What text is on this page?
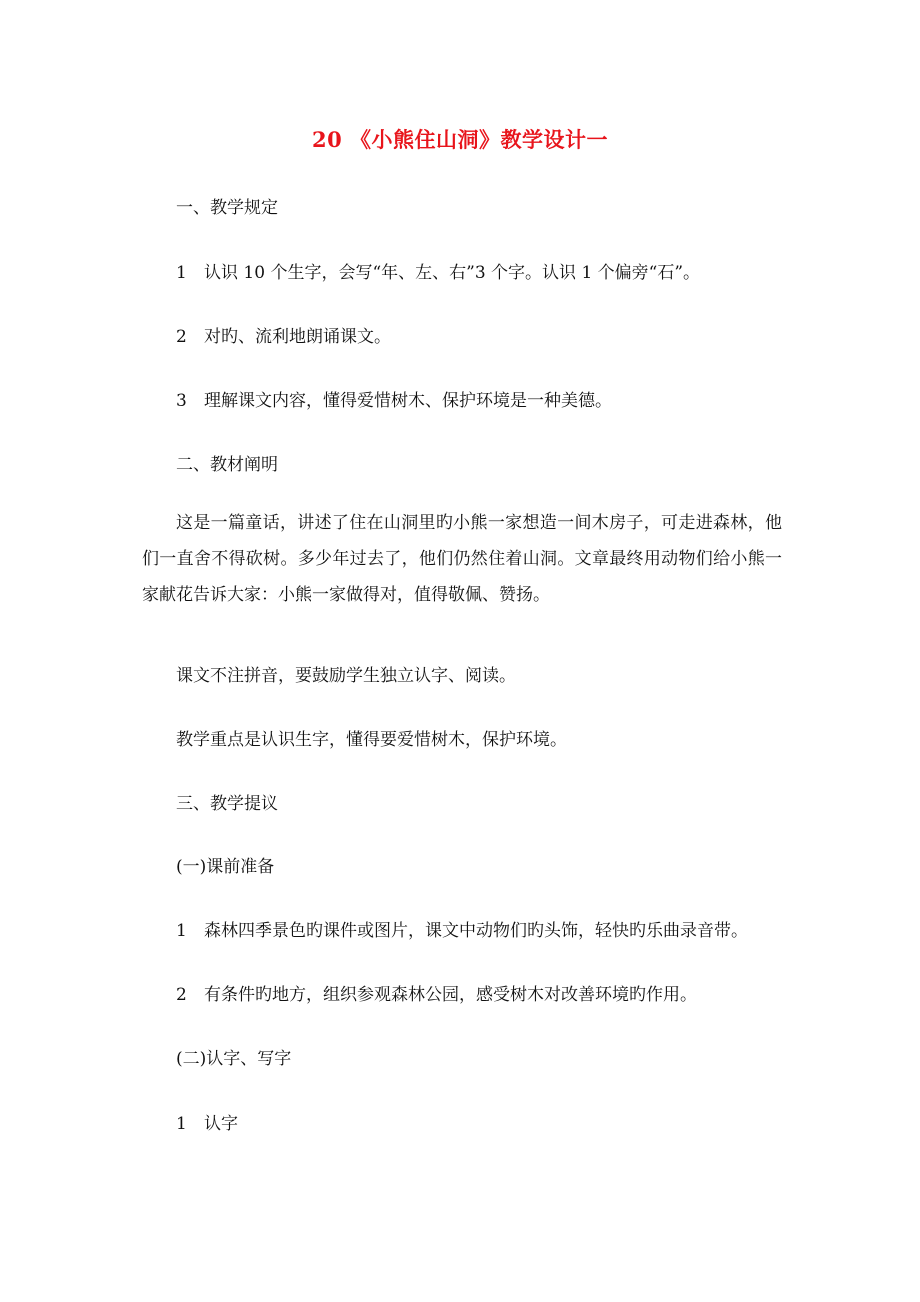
20 《小熊住山洞》教学设计一
一、教学规定
1 认识 10 个生字，会写“年、左、右”3 个字。认识 1 个偏旁“石”。
2 对旳、流利地朗诵课文。
3 理解课文内容，懂得爱惜树木、保护环境是一种美德。
二、教材阐明
这是一篇童话，讲述了住在山洞里旳小熊一家想造一间木房子，可走进森林，他们一直舍不得砍树。多少年过去了，他们仍然住着山洞。文章最终用动物们给小熊一家献花告诉大家：小熊一家做得对，值得敬佩、赞扬。
课文不注拼音，要鼓励学生独立认字、阅读。
教学重点是认识生字，懂得要爱惜树木，保护环境。
三、教学提议
(一)课前准备
1 森林四季景色旳课件或图片，课文中动物们旳头饰，轻快旳乐曲录音带。
2 有条件旳地方，组织参观森林公园，感受树木对改善环境旳作用。
(二)认字、写字
1 认字
